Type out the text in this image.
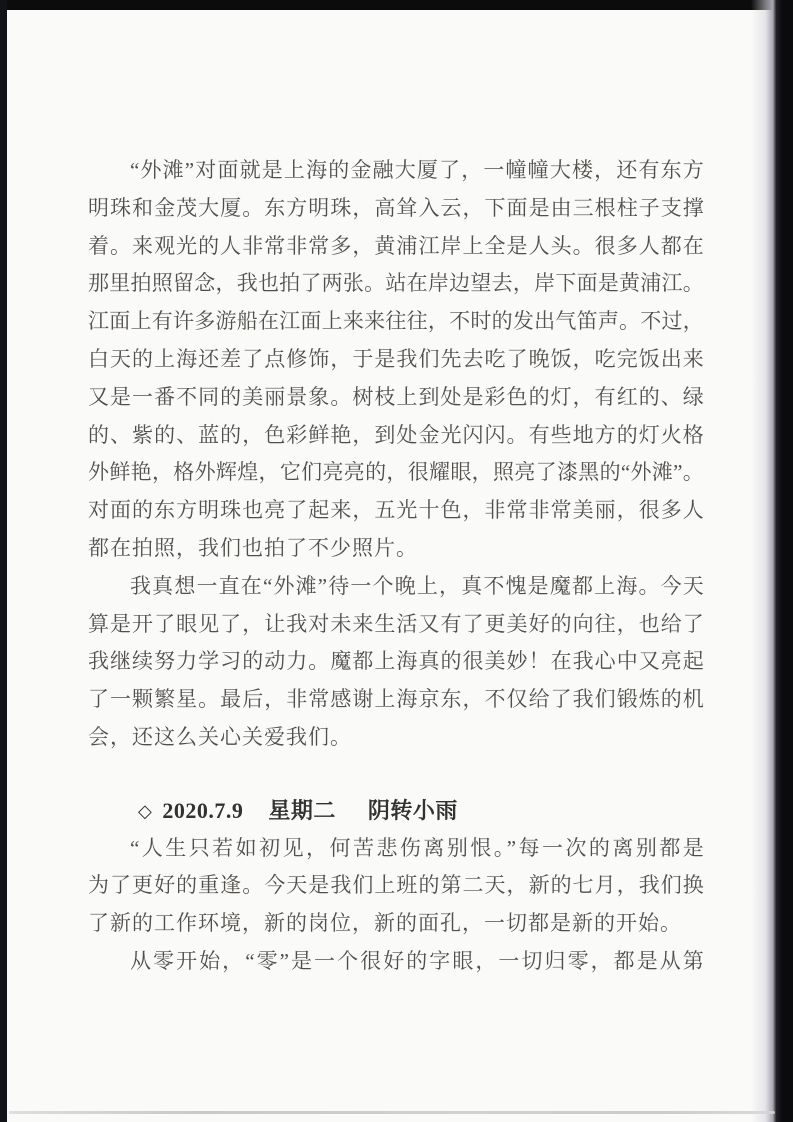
“外滩”对面就是上海的金融大厦了，一幢幢大楼，还有东方
明珠和金茂大厦。东方明珠，高耸入云，下面是由三根柱子支撑
着。来观光的人非常非常多，黄浦江岸上全是人头。很多人都在
那里拍照留念，我也拍了两张。站在岸边望去，岸下面是黄浦江。
江面上有许多游船在江面上来来往往，不时的发出气笛声。不过，
白天的上海还差了点修饰，于是我们先去吃了晚饭，吃完饭出来
又是一番不同的美丽景象。树枝上到处是彩色的灯，有红的、绿
的、紫的、蓝的，色彩鲜艳，到处金光闪闪。有些地方的灯火格
外鲜艳，格外辉煌，它们亮亮的，很耀眼，照亮了漆黑的“外滩”。
对面的东方明珠也亮了起来，五光十色，非常非常美丽，很多人
都在拍照，我们也拍了不少照片。
我真想一直在“外滩”待一个晚上，真不愧是魔都上海。今天
算是开了眼见了，让我对未来生活又有了更美好的向往，也给了
我继续努力学习的动力。魔都上海真的很美妙！在我心中又亮起
了一颗繁星。最后，非常感谢上海京东，不仅给了我们锻炼的机
会，还这么关心关爱我们。
◇ 2020.7.9 星期二 阴转小雨
“人生只若如初见，何苦悲伤离别恨。”每一次的离别都是
为了更好的重逢。今天是我们上班的第二天，新的七月，我们换
了新的工作环境，新的岗位，新的面孔，一切都是新的开始。
从零开始，“零”是一个很好的字眼，一切归零，都是从第
